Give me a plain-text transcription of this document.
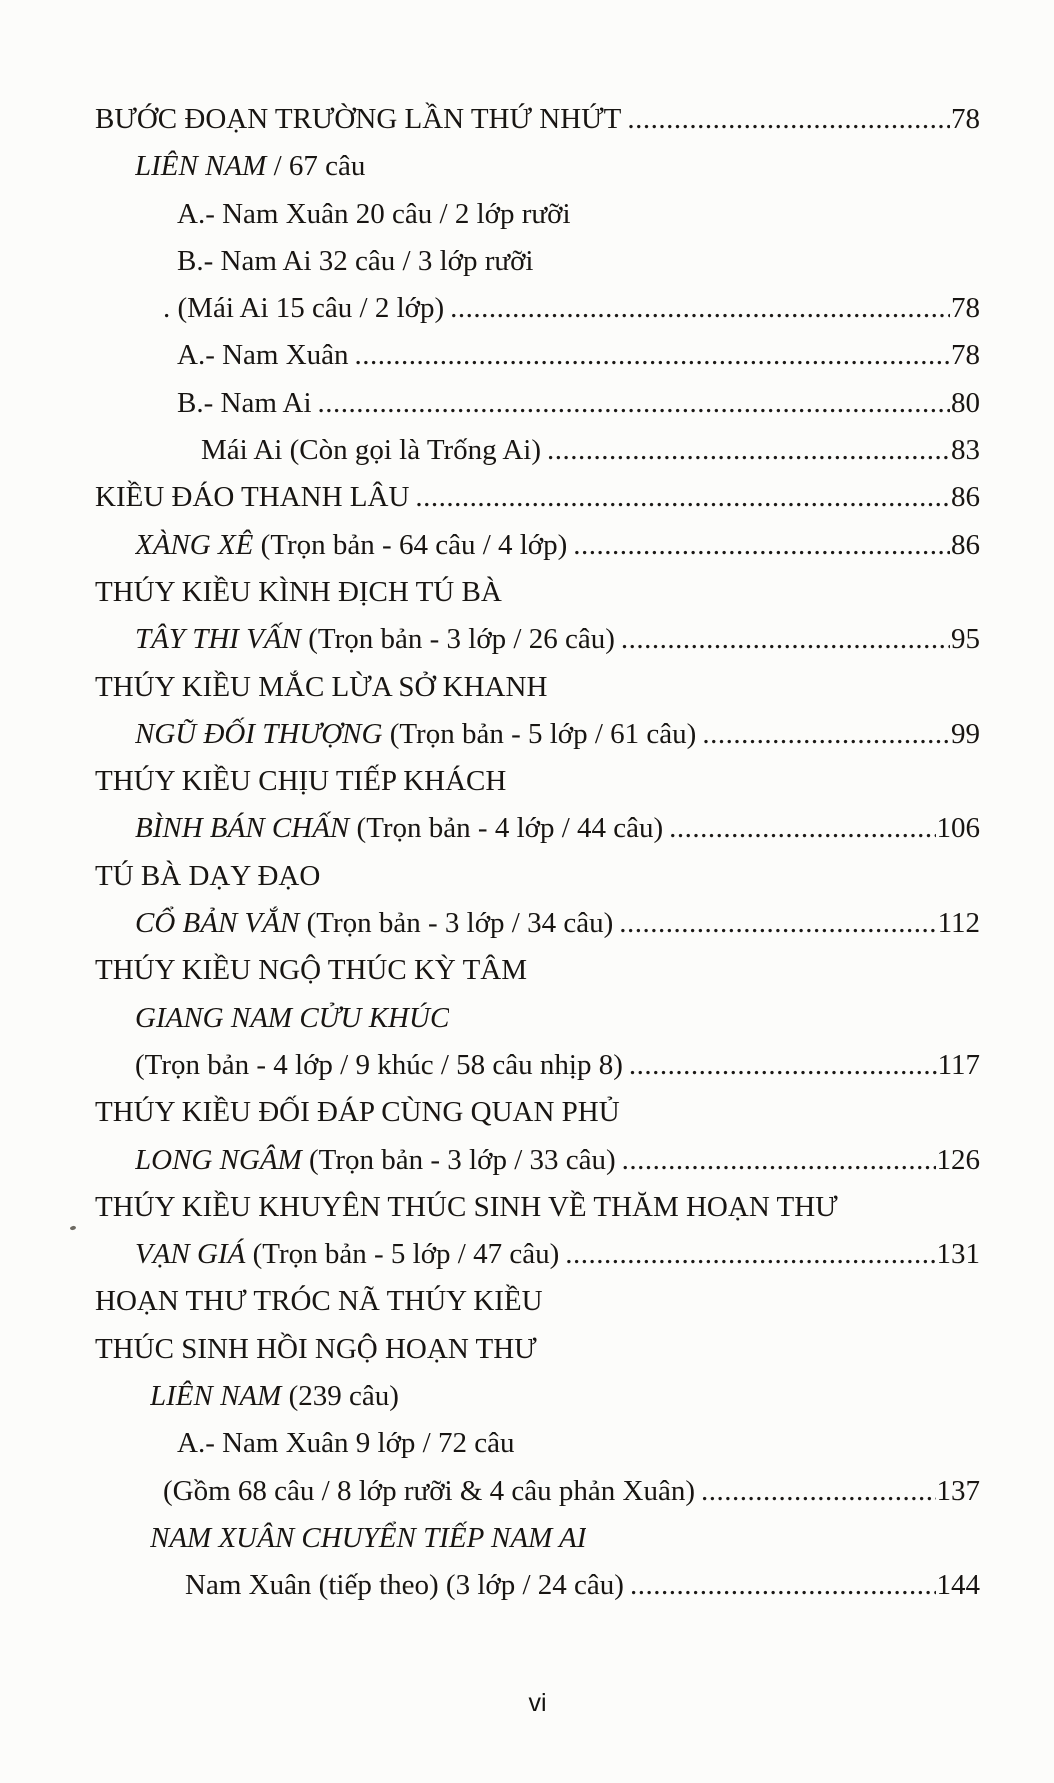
BƯỚC ĐOẠN TRƯỜNG LẦN THỨ NHỨT .....	78
LIÊN NAM / 67 câu
A.- Nam Xuân 20 câu / 2 lớp rưỡi
B.- Nam Ai 32 câu / 3 lớp rưỡi
. (Mái Ai 15 câu / 2 lớp) .....	78
A.- Nam Xuân .....	78
B.- Nam Ai .....	80
Mái Ai (Còn gọi là Trống Ai) .....	83
KIỀU ĐÁO THANH LÂU .....	86
XÀNG XÊ (Trọn bản - 64 câu / 4 lớp) .....	86
THÚY KIỀU KÌNH ĐỊCH TÚ BÀ
TÂY THI VẤN (Trọn bản - 3 lớp / 26 câu) .....	95
THÚY KIỀU MẮC LỪA SỞ KHANH
NGŨ ĐỐI THƯỢNG (Trọn bản - 5 lớp / 61 câu) .....	99
THÚY KIỀU CHỊU TIẾP KHÁCH
BÌNH BÁN CHẤN (Trọn bản - 4 lớp / 44 câu) .....	106
TÚ BÀ DẠY ĐẠO
CỔ BẢN VẮN (Trọn bản - 3 lớp / 34 câu) .....	112
THÚY KIỀU NGỘ THÚC KỲ TÂM
GIANG NAM CỬU KHÚC
(Trọn bản - 4 lớp / 9 khúc / 58 câu nhịp 8) .....	117
THÚY KIỀU ĐỐI ĐÁP CÙNG QUAN PHỦ
LONG NGÂM (Trọn bản - 3 lớp / 33 câu) .....	126
THÚY KIỀU KHUYÊN THÚC SINH VỀ THĂM HOẠN THƯ
VẠN GIÁ (Trọn bản - 5 lớp / 47 câu) .....	131
HOẠN THƯ TRÓC NÃ THÚY KIỀU
THÚC SINH HỒI NGỘ HOẠN THƯ
LIÊN NAM (239 câu)
A.- Nam Xuân 9 lớp / 72 câu
(Gồm 68 câu / 8 lớp rưỡi & 4 câu phản Xuân) .....	137
NAM XUÂN CHUYỂN TIẾP NAM AI
Nam Xuân (tiếp theo) (3 lớp / 24 câu) .....	144
vi
